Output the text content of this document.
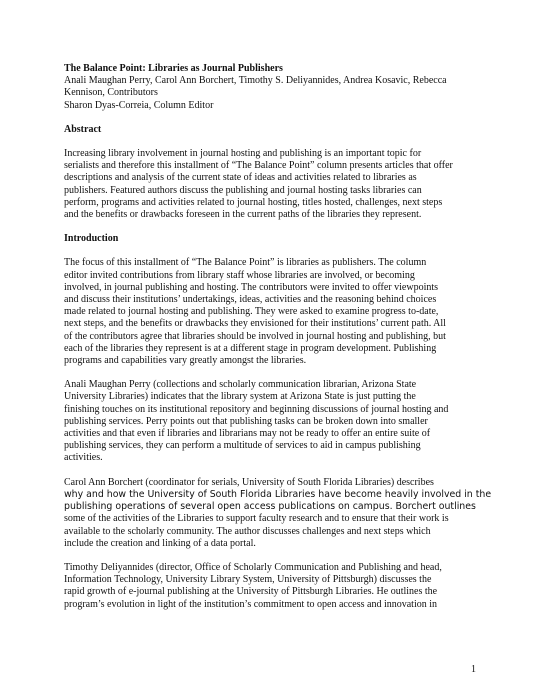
The Balance Point: Libraries as Journal Publishers
Anali Maughan Perry, Carol Ann Borchert, Timothy S. Deliyannides, Andrea Kosavic, Rebecca
Kennison, Contributors
Sharon Dyas-Correia, Column Editor
Abstract
Increasing library involvement in journal hosting and publishing is an important topic for
serialists and therefore this installment of “The Balance Point” column presents articles that offer
descriptions and analysis of the current state of ideas and activities related to libraries as
publishers. Featured authors discuss the publishing and journal hosting tasks libraries can
perform, programs and activities related to journal hosting, titles hosted, challenges, next steps
and the benefits or drawbacks foreseen in the current paths of the libraries they represent.
Introduction
The focus of this installment of “The Balance Point” is libraries as publishers. The column
editor invited contributions from library staff whose libraries are involved, or becoming
involved, in journal publishing and hosting. The contributors were invited to offer viewpoints
and discuss their institutions’ undertakings, ideas, activities and the reasoning behind choices
made related to journal hosting and publishing. They were asked to examine progress to-date,
next steps, and the benefits or drawbacks they envisioned for their institutions’ current path. All
of the contributors agree that libraries should be involved in journal hosting and publishing, but
each of the libraries they represent is at a different stage in program development. Publishing
programs and capabilities vary greatly amongst the libraries.
Anali Maughan Perry (collections and scholarly communication librarian, Arizona State
University Libraries) indicates that the library system at Arizona State is just putting the
finishing touches on its institutional repository and beginning discussions of journal hosting and
publishing services. Perry points out that publishing tasks can be broken down into smaller
activities and that even if libraries and librarians may not be ready to offer an entire suite of
publishing services, they can perform a multitude of services to aid in campus publishing
activities.
Carol Ann Borchert (coordinator for serials, University of South Florida Libraries) describes
why and how the University of South Florida Libraries have become heavily involved in the
publishing operations of several open access publications on campus. Borchert outlines
some of the activities of the Libraries to support faculty research and to ensure that their work is
available to the scholarly community. The author discusses challenges and next steps which
include the creation and linking of a data portal.
Timothy Deliyannides (director, Office of Scholarly Communication and Publishing and head,
Information Technology, University Library System, University of Pittsburgh) discusses the
rapid growth of e-journal publishing at the University of Pittsburgh Libraries. He outlines the
program’s evolution in light of the institution’s commitment to open access and innovation in
1
